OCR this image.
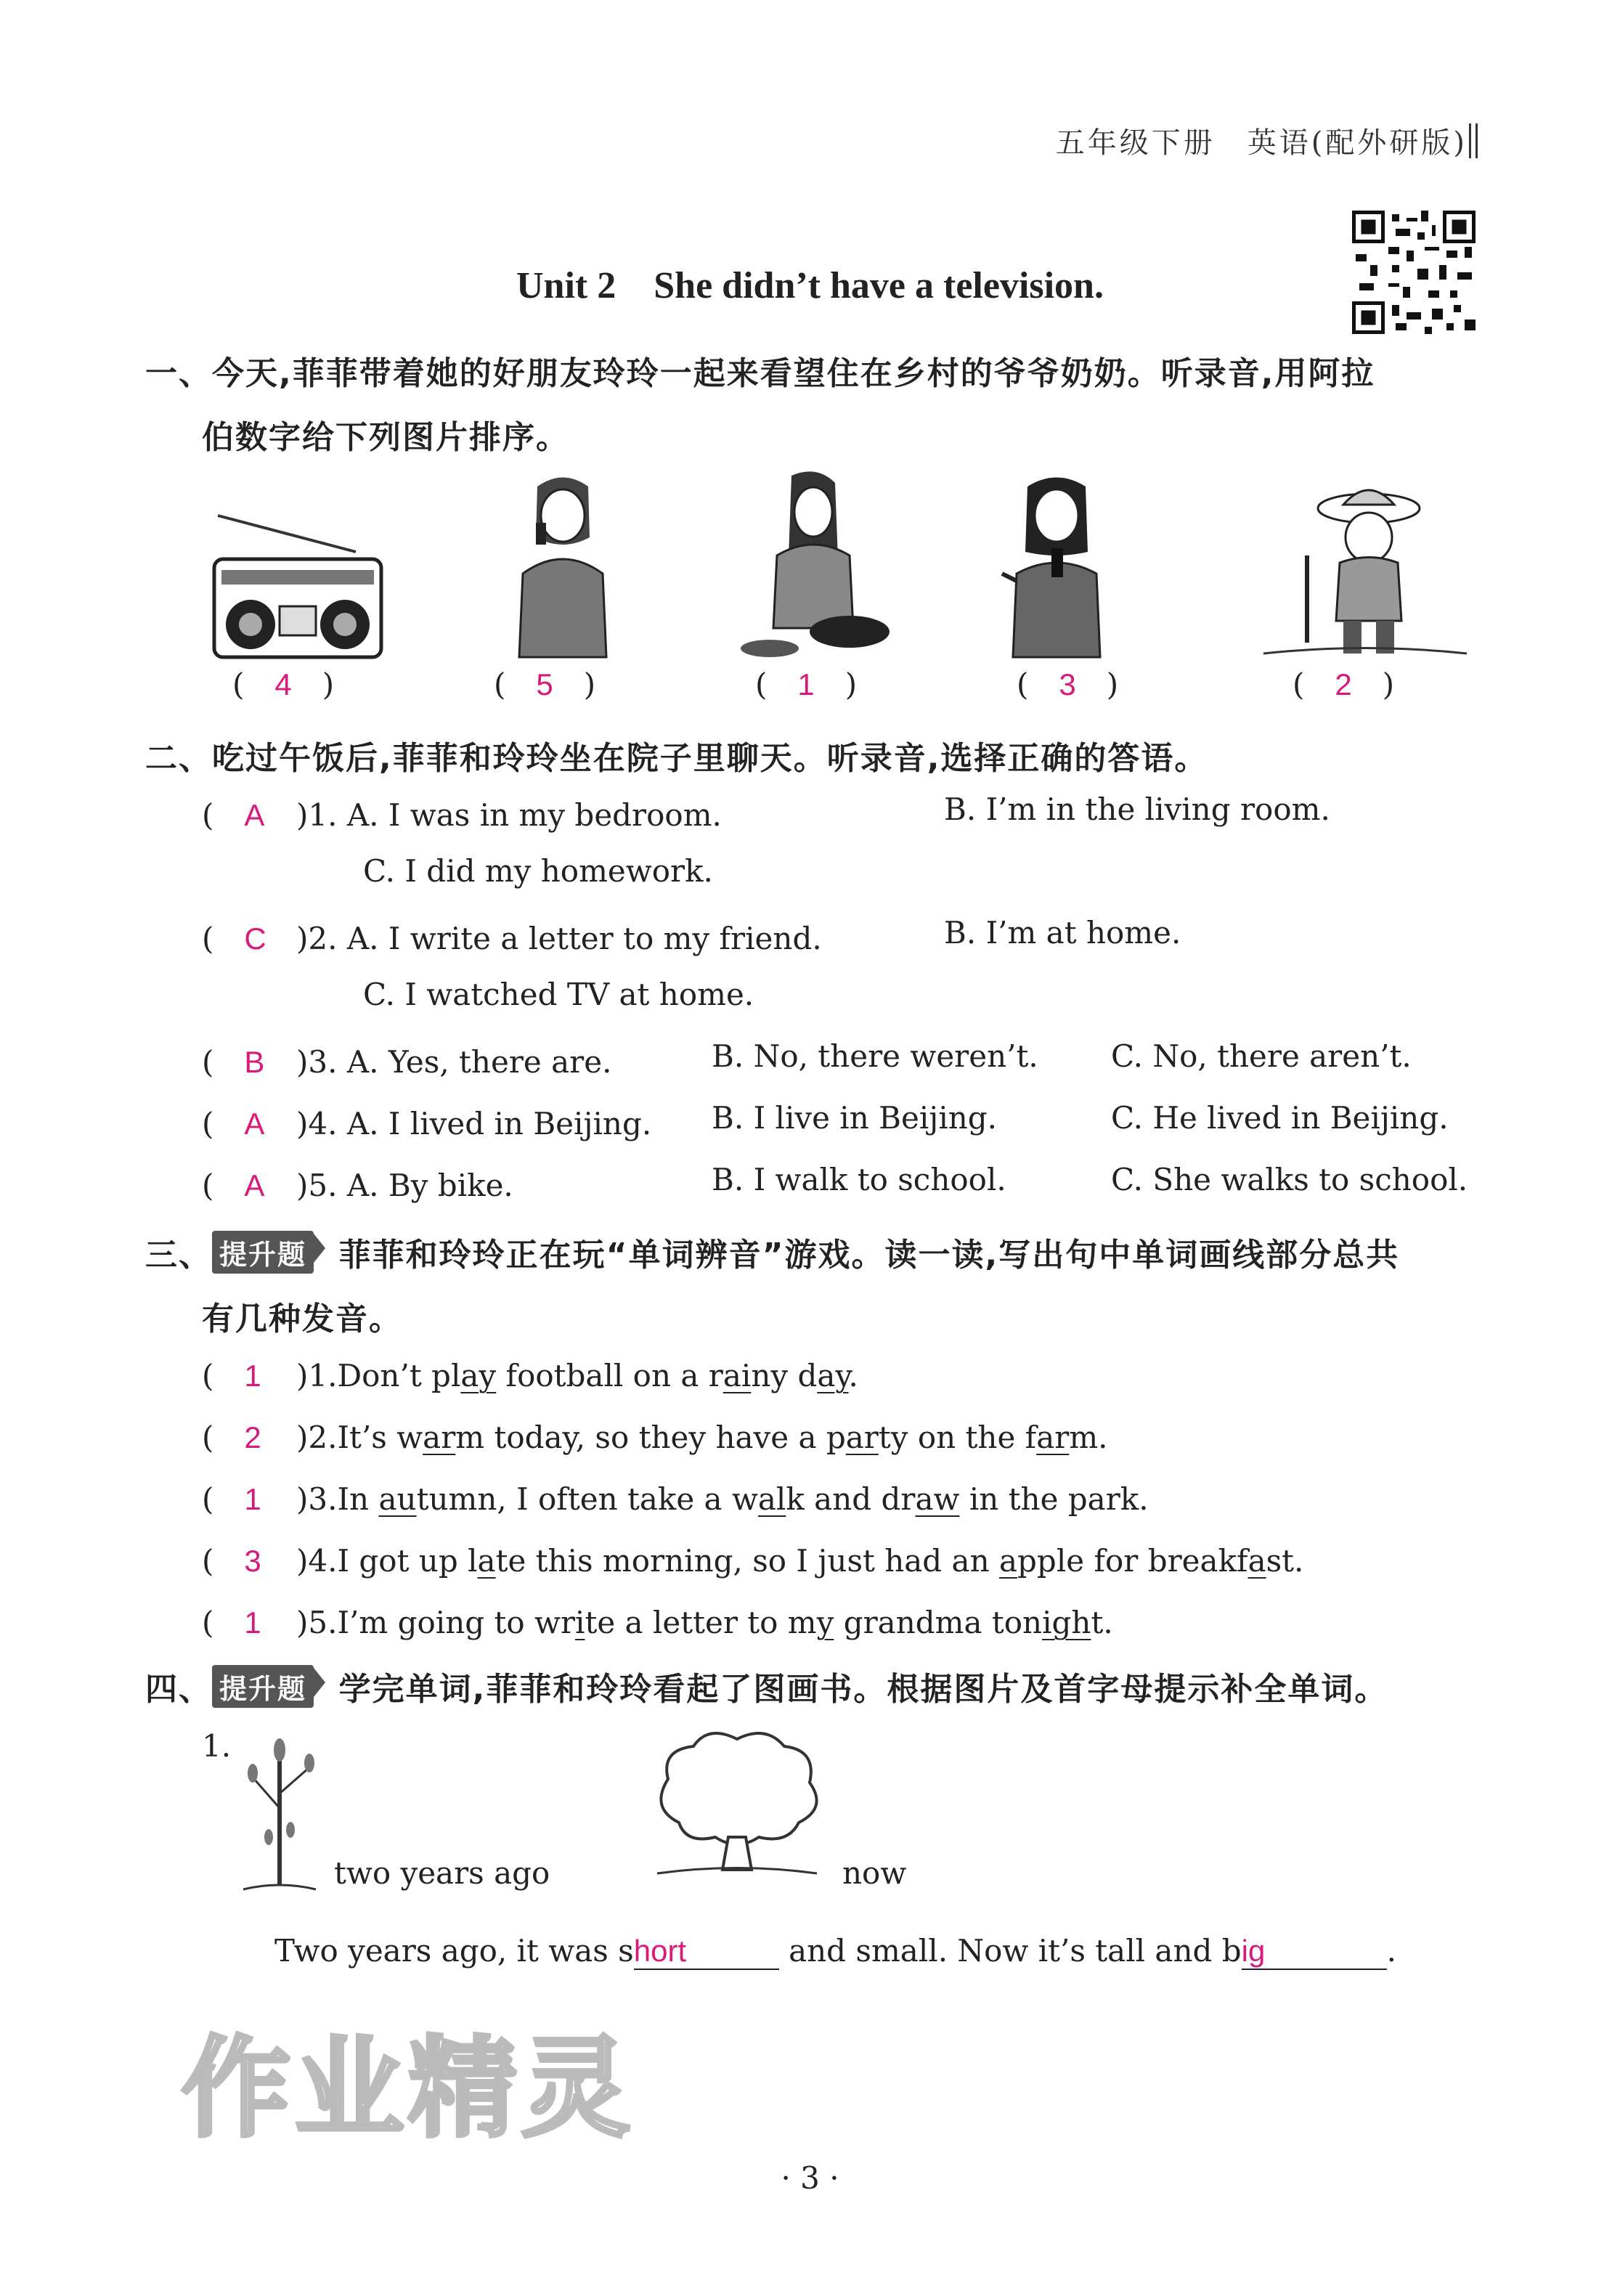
五年级下册　英语(配外研版)
Unit 2　She didn’t have a television.
一、今天,菲菲带着她的好朋友玲玲一起来看望住在乡村的爷爷奶奶。听录音,用阿拉
伯数字给下列图片排序。
(　4　)	(　5　)	(　1　)	(　3　)	(　2　)
二、吃过午饭后,菲菲和玲玲坐在院子里聊天。听录音,选择正确的答语。
(　A )1. A. I was in my bedroom.	B. I’m in the living room.
C. I did my homework.
(　C )2. A. I write a letter to my friend.	B. I’m at home.
C. I watched TV at home.
(　B )3. A. Yes, there are.	B. No, there weren’t. C. No, there aren’t.
(　A )4. A. I lived in Beijing. B. I live in Beijing.	C. He lived in Beijing.
(　A )5. A. By bike.	B. I walk to school.	C. She walks to school.
三、 提升题 菲菲和玲玲正在玩“单词辨音”游戏。读一读,写出句中单词画线部分总共
有几种发音。
(　1 )1.Don’t play football on a rainy day.
(　2 )2.It’s warm today, so they have a party on the farm.
(　1 )3.In autumn, I often take a walk and draw in the park.
(　3 )4.I got up late this morning, so I just had an apple for breakfast.
(　1 )5.I’m going to write a letter to my grandma tonight.
四、 提升题 学完单词,菲菲和玲玲看起了图画书。根据图片及首字母提示补全单词。
1.
two years ago	now
Two years ago, it was short	and small. Now it’s tall and big	.
作业精灵
· 3 ·
